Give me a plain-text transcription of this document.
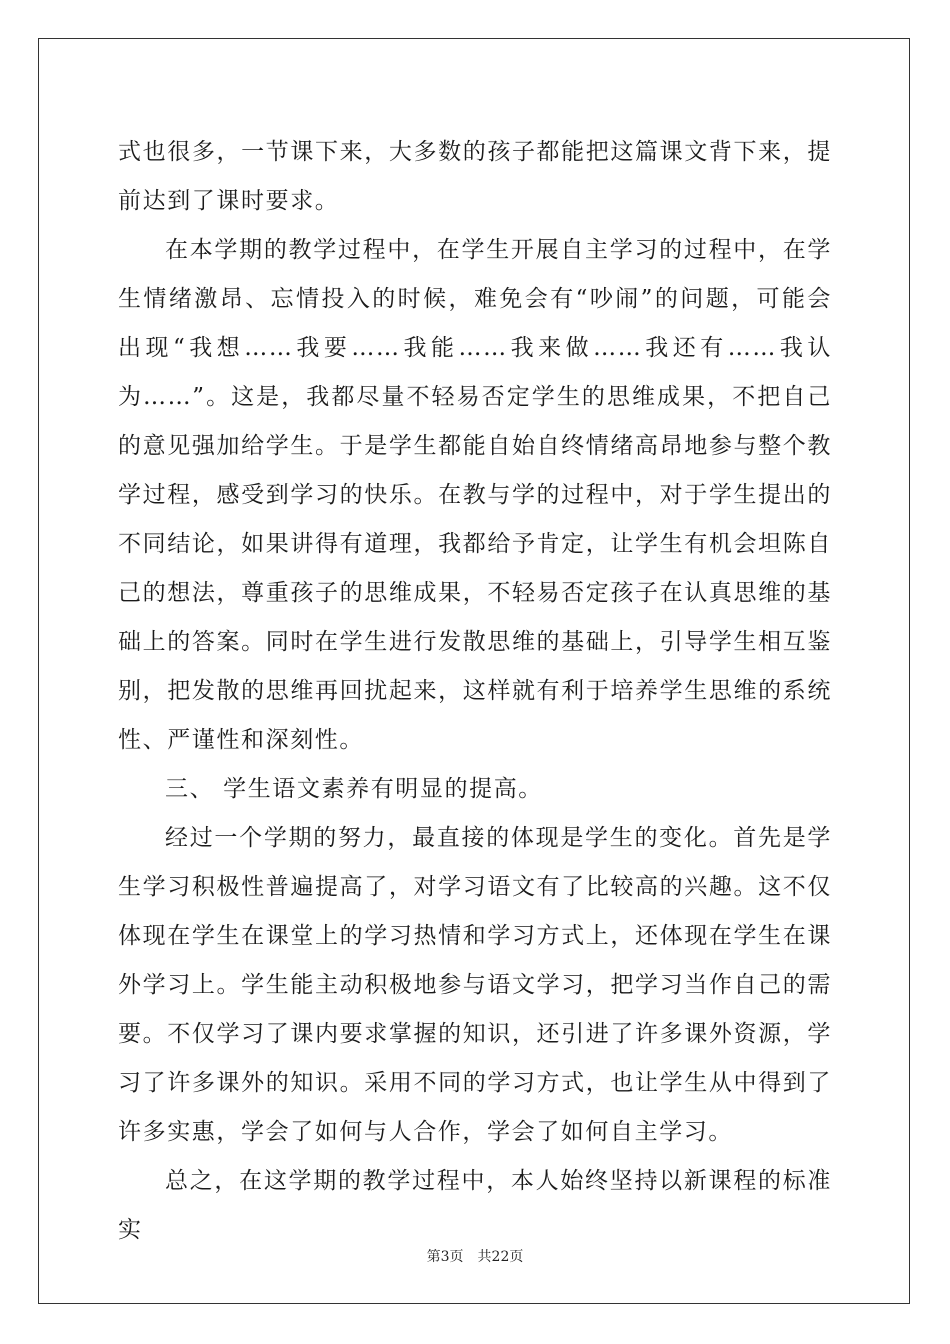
式也很多，一节课下来，大多数的孩子都能把这篇课文背下来，提前达到了课时要求。

在本学期的教学过程中，在学生开展自主学习的过程中，在学生情绪激昂、忘情投入的时候，难免会有“吵闹”的问题，可能会出现“我想……我要……我能……我来做……我还有……我认为……”。这是，我都尽量不轻易否定学生的思维成果，不把自己的意见强加给学生。于是学生都能自始自终情绪高昂地参与整个教学过程，感受到学习的快乐。在教与学的过程中，对于学生提出的不同结论，如果讲得有道理，我都给予肯定，让学生有机会坦陈自己的想法，尊重孩子的思维成果，不轻易否定孩子在认真思维的基础上的答案。同时在学生进行发散思维的基础上，引导学生相互鉴别，把发散的思维再回扰起来，这样就有利于培养学生思维的系统性、严谨性和深刻性。

三、 学生语文素养有明显的提高。

经过一个学期的努力，最直接的体现是学生的变化。首先是学生学习积极性普遍提高了，对学习语文有了比较高的兴趣。这不仅体现在学生在课堂上的学习热情和学习方式上，还体现在学生在课外学习上。学生能主动积极地参与语文学习，把学习当作自己的需要。不仅学习了课内要求掌握的知识，还引进了许多课外资源，学习了许多课外的知识。采用不同的学习方式，也让学生从中得到了许多实惠，学会了如何与人合作，学会了如何自主学习。

总之，在这学期的教学过程中，本人始终坚持以新课程的标准实

第3页 共22页
